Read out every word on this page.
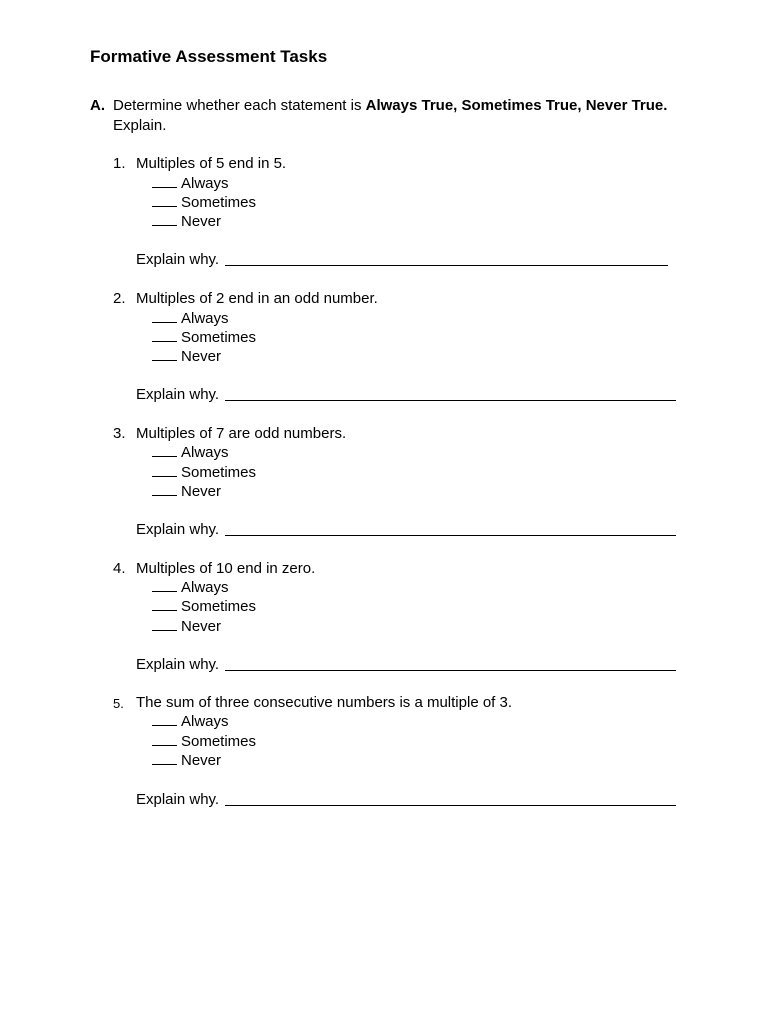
Formative Assessment Tasks
A. Determine whether each statement is Always True, Sometimes True, Never True. Explain.
1. Multiples of 5 end in 5.
Always
Sometimes
Never
Explain why.
2. Multiples of 2 end in an odd number.
Always
Sometimes
Never
Explain why.
3. Multiples of 7 are odd numbers.
Always
Sometimes
Never
Explain why.
4. Multiples of 10 end in zero.
Always
Sometimes
Never
Explain why.
5. The sum of three consecutive numbers is a multiple of 3.
Always
Sometimes
Never
Explain why.
